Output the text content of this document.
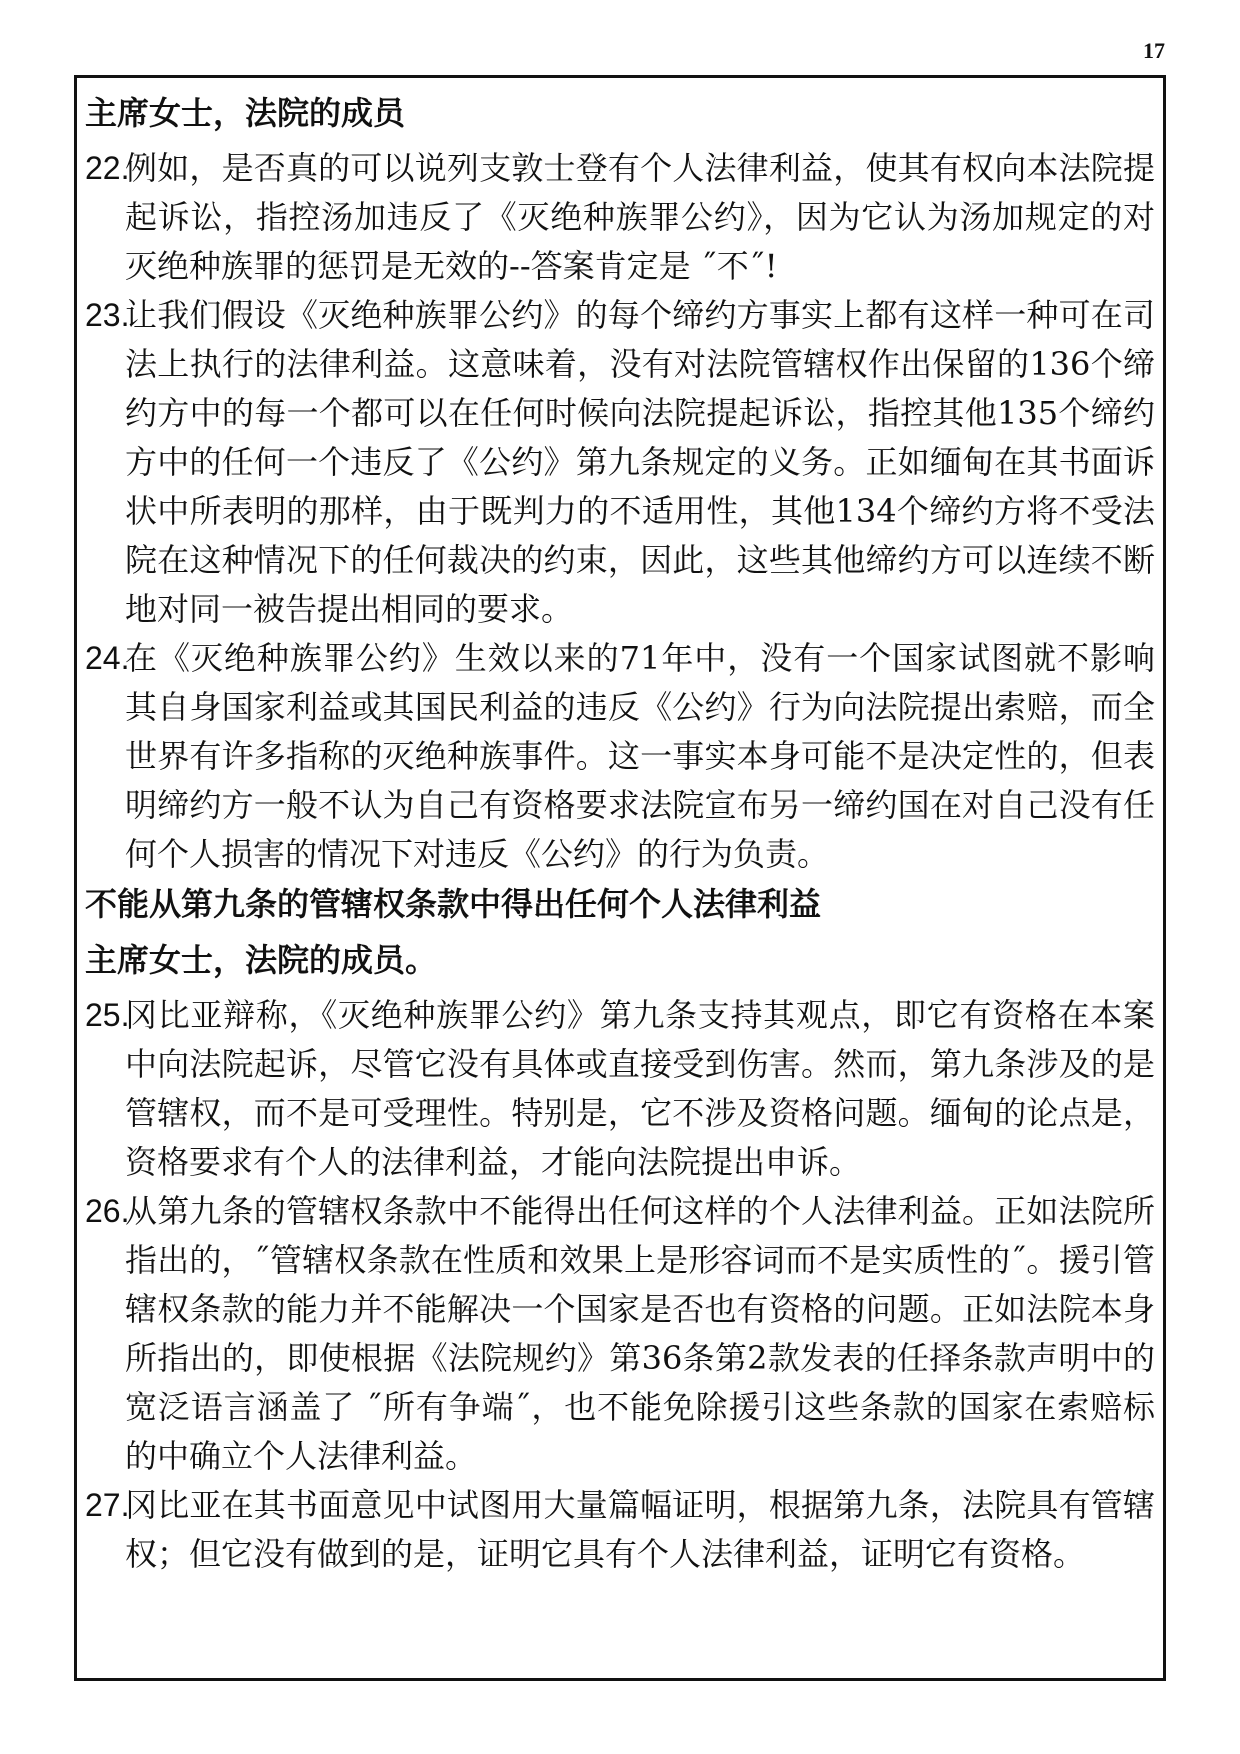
17
主席女士，法院的成员
22.
例如，是否真的可以说列支敦士登有个人法律利益，使其有权向本法院提起诉讼，指控汤加违反了《灭绝种族罪公约》，因为它认为汤加规定的对灭绝种族罪的惩罚是无效的--答案肯定是 ˝不˝!
23.
让我们假设《灭绝种族罪公约》的每个缔约方事实上都有这样一种可在司法上执行的法律利益。这意味着，没有对法院管辖权作出保留的136个缔约方中的每一个都可以在任何时候向法院提起诉讼，指控其他135个缔约方中的任何一个违反了《公约》第九条规定的义务。正如缅甸在其书面诉状中所表明的那样，由于既判力的不适用性，其他134个缔约方将不受法院在这种情况下的任何裁决的约束，因此，这些其他缔约方可以连续不断地对同一被告提出相同的要求。
24.
在《灭绝种族罪公约》生效以来的71年中，没有一个国家试图就不影响其自身国家利益或其国民利益的违反《公约》行为向法院提出索赔，而全世界有许多指称的灭绝种族事件。这一事实本身可能不是决定性的，但表明缔约方一般不认为自己有资格要求法院宣布另一缔约国在对自己没有任何个人损害的情况下对违反《公约》的行为负责。
不能从第九条的管辖权条款中得出任何个人法律利益
主席女士，法院的成员。
25.
冈比亚辩称，《灭绝种族罪公约》第九条支持其观点，即它有资格在本案中向法院起诉，尽管它没有具体或直接受到伤害。然而，第九条涉及的是管辖权，而不是可受理性。特别是，它不涉及资格问题。缅甸的论点是，资格要求有个人的法律利益，才能向法院提出申诉。
26.
从第九条的管辖权条款中不能得出任何这样的个人法律利益。正如法院所指出的，˝管辖权条款在性质和效果上是形容词而不是实质性的˝。援引管辖权条款的能力并不能解决一个国家是否也有资格的问题。正如法院本身所指出的，即使根据《法院规约》第36条第2款发表的任择条款声明中的宽泛语言涵盖了 ˝所有争端˝，也不能免除援引这些条款的国家在索赔标的中确立个人法律利益。
27.
冈比亚在其书面意见中试图用大量篇幅证明，根据第九条，法院具有管辖权；但它没有做到的是，证明它具有个人法律利益，证明它有资格。
